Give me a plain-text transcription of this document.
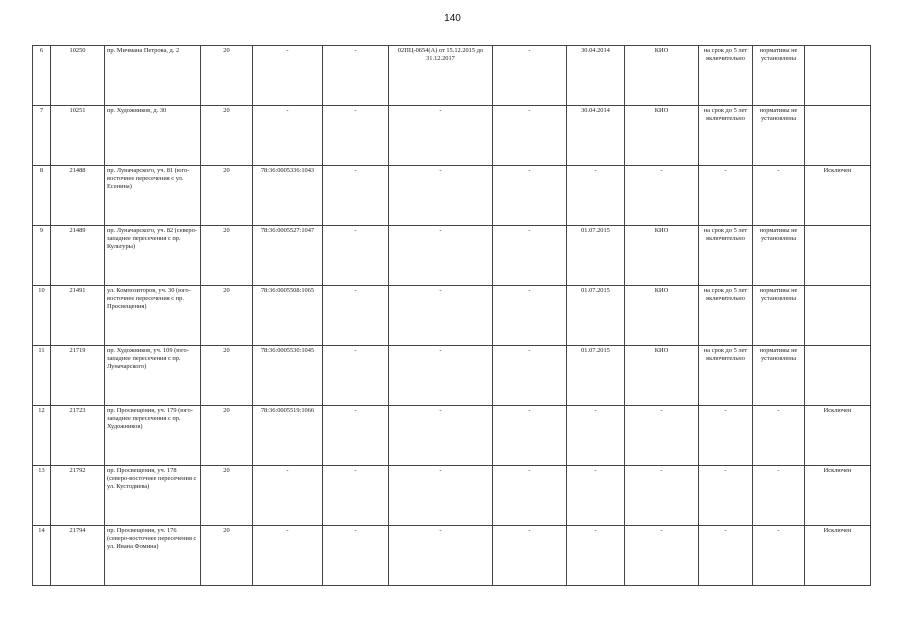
140
6	10250	пр. Мичмана Петрова, д. 2	20	-	-	02ПЦ-0654(А) от 15.12.2015 до 31.12.2017	-	30.04.2014	КИО	на срок до 5 лет включительно	нормативы не установлены	
7	10251	пр. Художников, д. 30	20	-	-	-	-	30.04.2014	КИО	на срок до 5 лет включительно	нормативы не установлены	
8	21488	пр. Луначарского, уч. 81 (юго-восточнее пересечения с ул. Есенина)	20	78:36:0005336:1043	-	-	-	-	-	-	-	Исключен
9	21489	пр. Луначарского, уч. 82 (северо-западнее пересечения с пр. Культуры)	20	78:36:0005527:1047	-	-	-	01.07.2015	КИО	на срок до 5 лет включительно	нормативы не установлены	
10	21491	ул. Композиторов, уч. 30 (юго-восточнее пересечения с пр. Просвещения)	20	78:36:0005508:1065	-	-	-	01.07.2015	КИО	на срок до 5 лет включительно	нормативы не установлены	
11	21719	пр. Художников, уч. 109 (юго-западнее пересечения с пр. Луначарского)	20	78:36:0005530:1045	-	-	-	01.07.2015	КИО	на срок до 5 лет включительно	нормативы не установлены	
12	21723	пр. Просвещения, уч. 179 (юго-западнее пересечения с пр. Художников)	20	78:36:0005519:1066	-	-	-	-	-	-	-	Исключен
13	21792	пр. Просвещения, уч. 178 (северо-восточнее пересечения с ул. Кустодиева)	20	-	-	-	-	-	-	-	-	Исключен
14	21794	пр. Просвещения, уч. 176 (северо-восточнее пересечения с ул. Ивана Фомина)	20	-	-	-	-	-	-	-	-	Исключен
